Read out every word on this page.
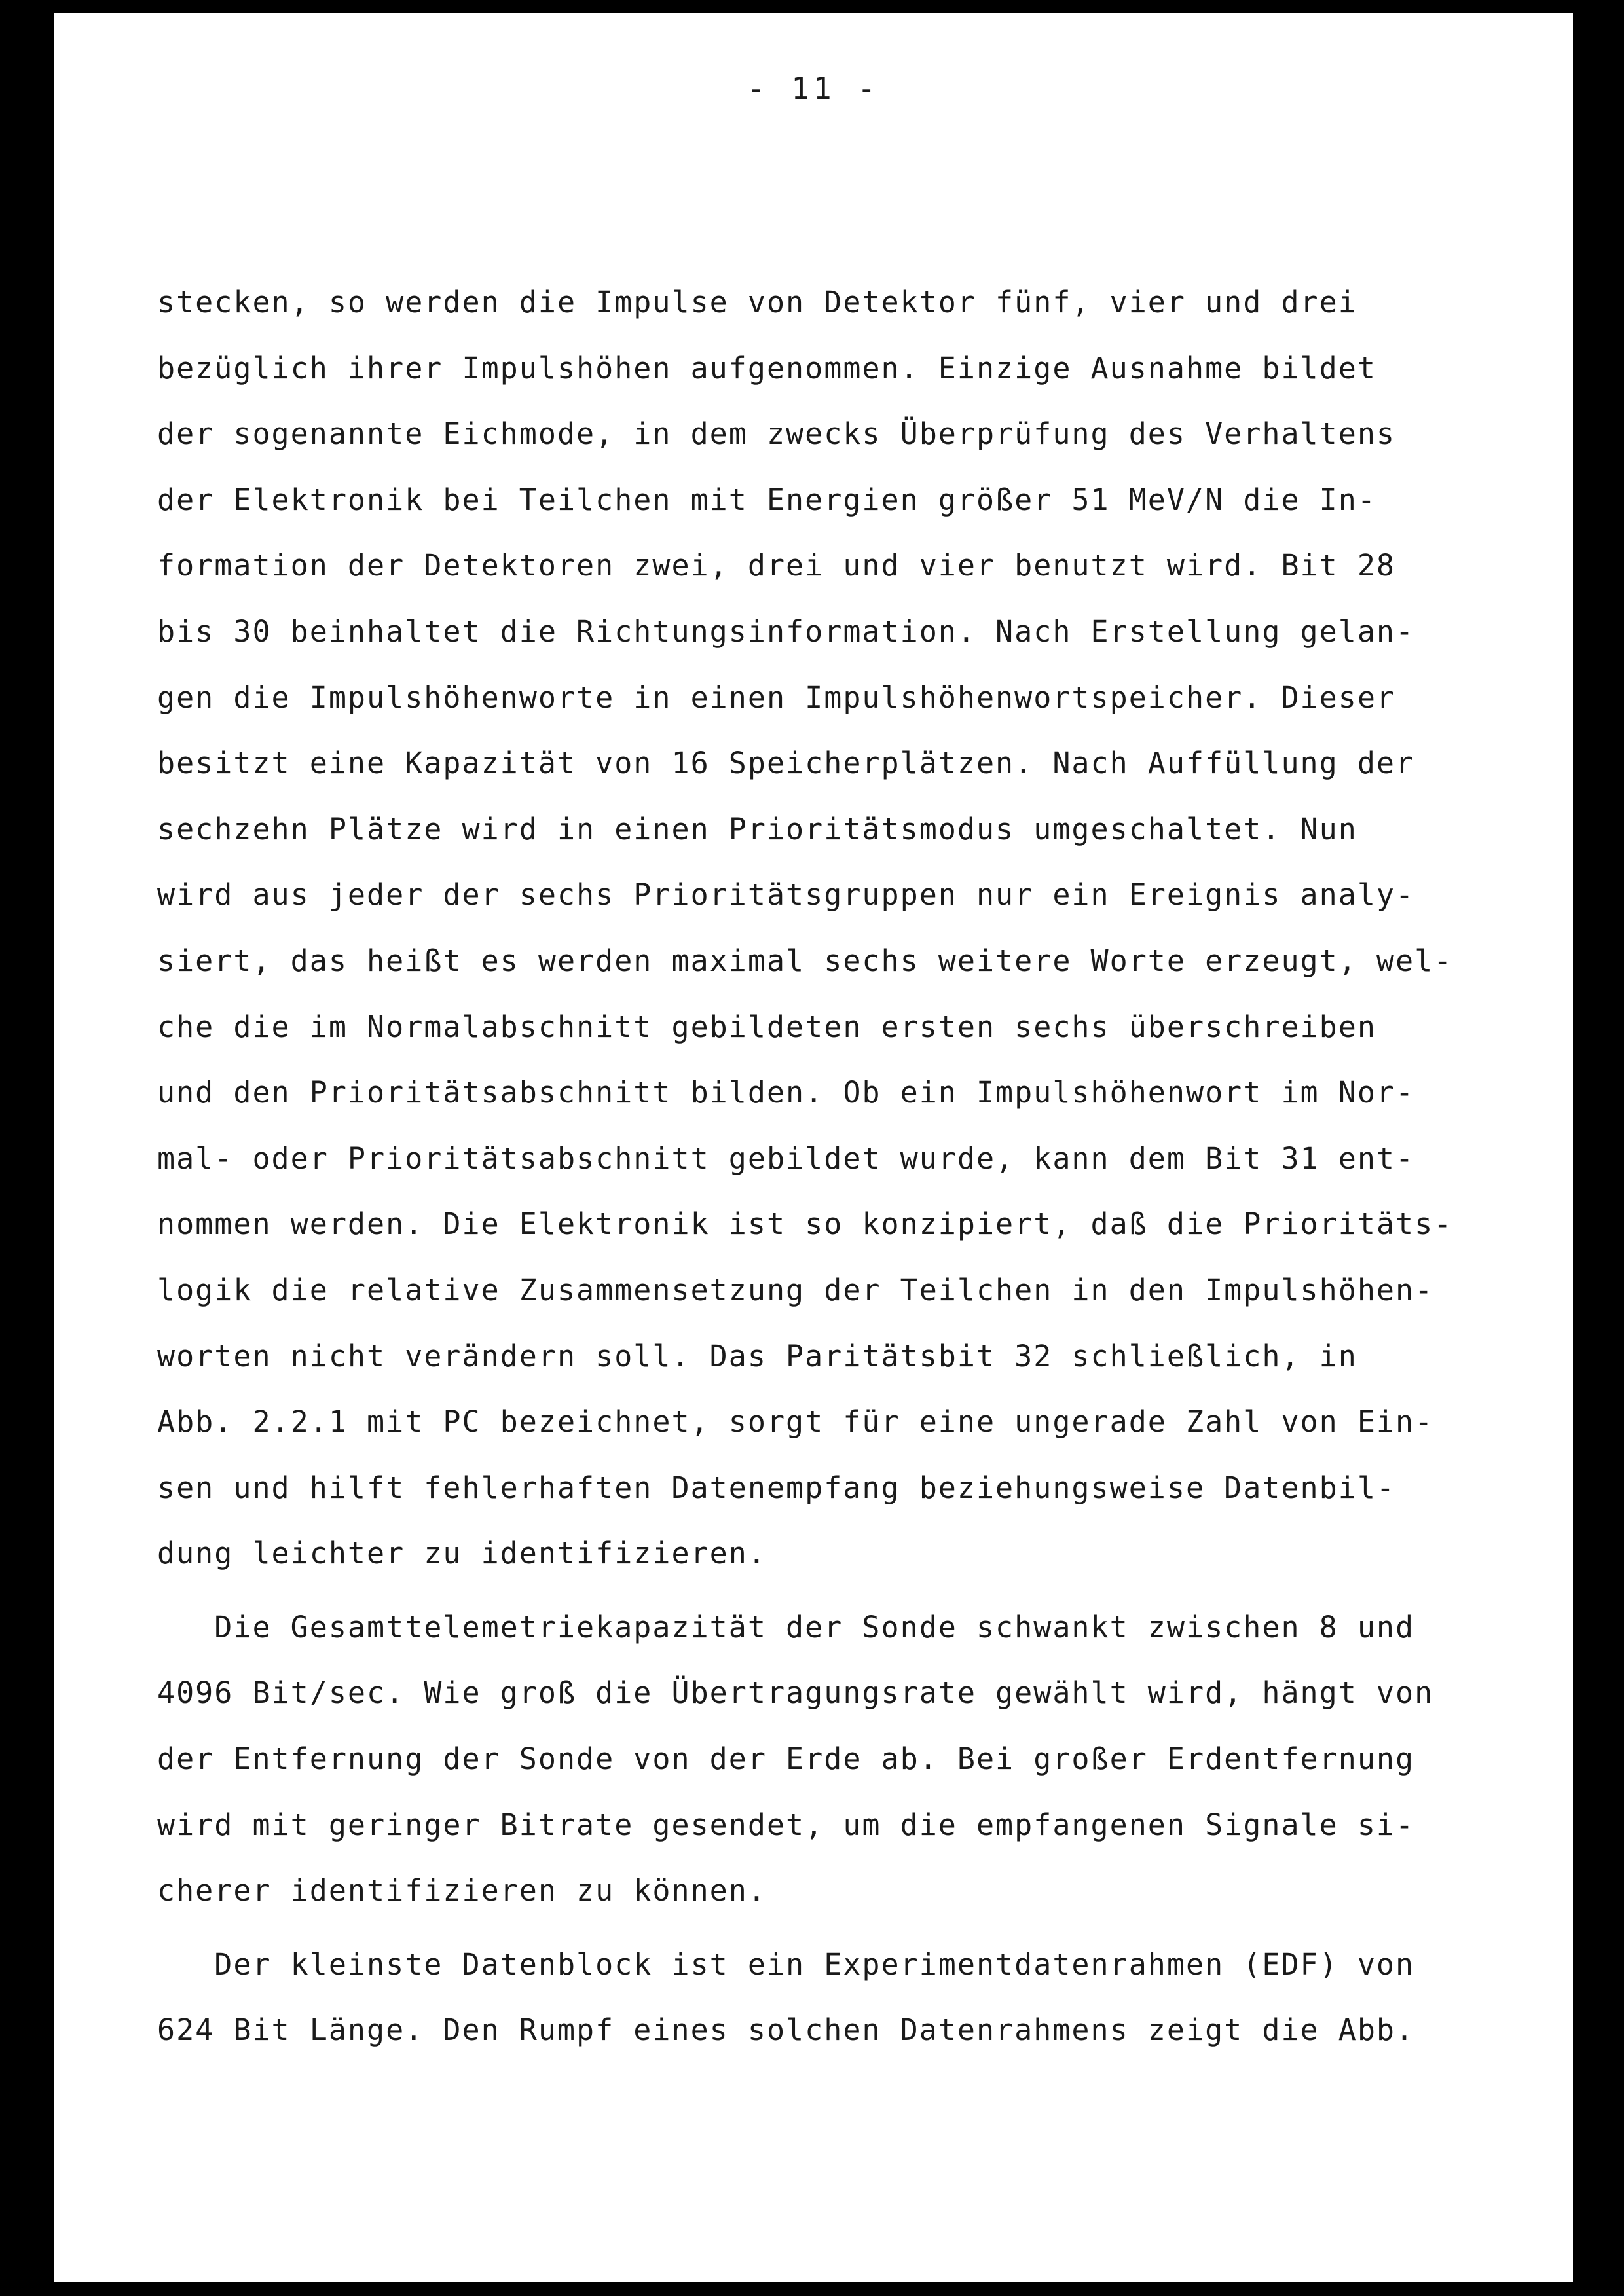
- 11 -
stecken, so werden die Impulse von Detektor fünf, vier und drei
bezüglich ihrer Impulshöhen aufgenommen. Einzige Ausnahme bildet
der sogenannte Eichmode, in dem zwecks Überprüfung des Verhaltens
der Elektronik bei Teilchen mit Energien größer 51 MeV/N die In-
formation der Detektoren zwei, drei und vier benutzt wird. Bit 28
bis 30 beinhaltet die Richtungsinformation. Nach Erstellung gelan-
gen die Impulshöhenworte in einen Impulshöhenwortspeicher. Dieser
besitzt eine Kapazität von 16 Speicherplätzen. Nach Auffüllung der
sechzehn Plätze wird in einen Prioritätsmodus umgeschaltet. Nun
wird aus jeder der sechs Prioritätsgruppen nur ein Ereignis analy-
siert, das heißt es werden maximal sechs weitere Worte erzeugt, wel-
che die im Normalabschnitt gebildeten ersten sechs überschreiben
und den Prioritätsabschnitt bilden. Ob ein Impulshöhenwort im Nor-
mal- oder Prioritätsabschnitt gebildet wurde, kann dem Bit 31 ent-
nommen werden. Die Elektronik ist so konzipiert, daß die Prioritäts-
logik die relative Zusammensetzung der Teilchen in den Impulshöhen-
worten nicht verändern soll. Das Paritätsbit 32 schließlich, in
Abb. 2.2.1 mit PC bezeichnet, sorgt für eine ungerade Zahl von Ein-
sen und hilft fehlerhaften Datenempfang beziehungsweise Datenbil-
dung leichter zu identifizieren.
Die Gesamttelemetriekapazität der Sonde schwankt zwischen 8 und
4096 Bit/sec. Wie groß die Übertragungsrate gewählt wird, hängt von
der Entfernung der Sonde von der Erde ab. Bei großer Erdentfernung
wird mit geringer Bitrate gesendet, um die empfangenen Signale si-
cherer identifizieren zu können.
Der kleinste Datenblock ist ein Experimentdatenrahmen (EDF) von
624 Bit Länge. Den Rumpf eines solchen Datenrahmens zeigt die Abb.
